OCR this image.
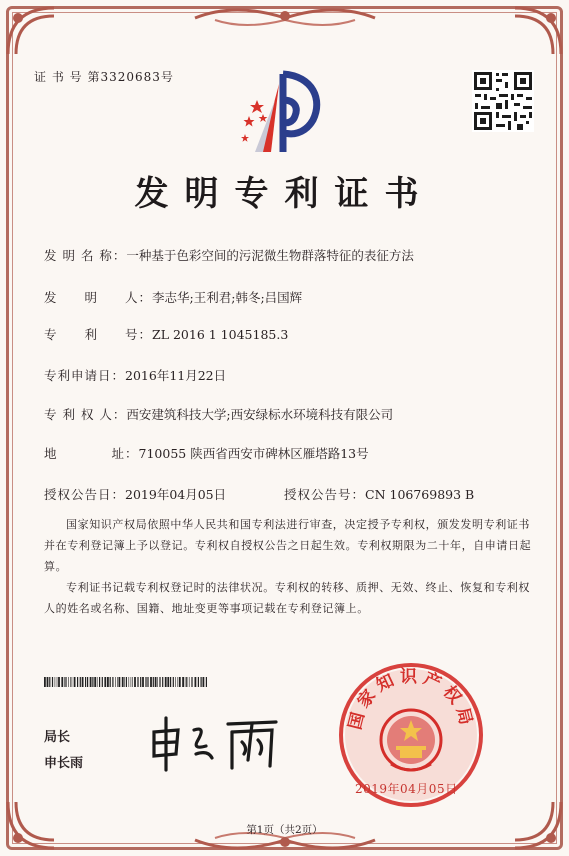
证 书 号 第3320683号
发明专利证书
发 明 名 称：一种基于色彩空间的污泥微生物群落特征的表征方法
发　　明　　人：李志华;王利君;韩冬;吕国辉
专　　利　　号：ZL 2016 1 1045185.3
专利申请日：2016年11月22日
专 利 权 人：西安建筑科技大学;西安绿标水环境科技有限公司
地　　　　址：710055 陕西省西安市碑林区雁塔路13号
授权公告日：2019年04月05日	授权公告号：CN 106769893 B
国家知识产权局依照中华人民共和国专利法进行审查，决定授予专利权，颁发发明专利证书并在专利登记簿上予以登记。专利权自授权公告之日起生效。专利权期限为二十年，自申请日起算。
专利证书记载专利权登记时的法律状况。专利权的转移、质押、无效、终止、恢复和专利权人的姓名或名称、国籍、地址变更等事项记载在专利登记簿上。
局长
申长雨
国家知识产权局
2019年04月05日
第1页（共2页）
